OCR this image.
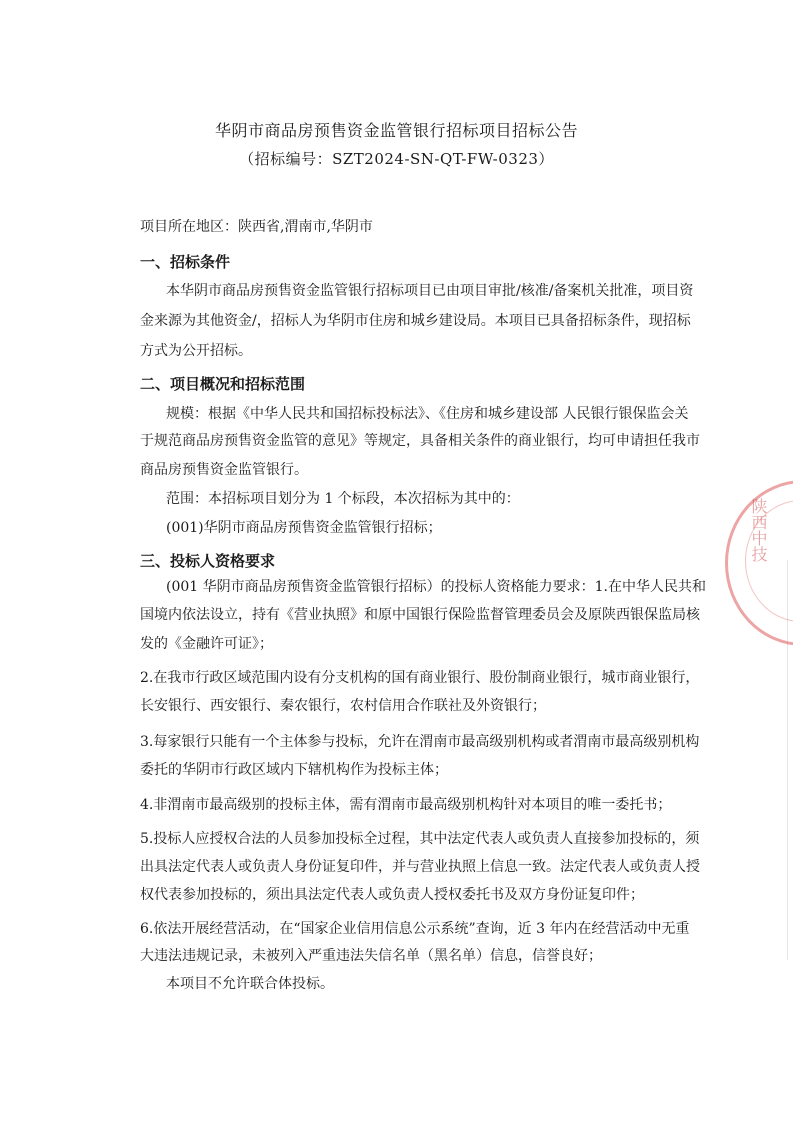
华阴市商品房预售资金监管银行招标项目招标公告
（招标编号：SZT2024-SN-QT-FW-0323）
项目所在地区：陕西省,渭南市,华阴市
一、招标条件
本华阴市商品房预售资金监管银行招标项目已由项目审批/核准/备案机关批准，项目资
金来源为其他资金/，招标人为华阴市住房和城乡建设局。本项目已具备招标条件，现招标
方式为公开招标。
二、项目概况和招标范围
规模：根据《中华人民共和国招标投标法》、《住房和城乡建设部 人民银行银保监会关
于规范商品房预售资金监管的意见》等规定，具备相关条件的商业银行，均可申请担任我市
商品房预售资金监管银行。
范围：本招标项目划分为 1 个标段，本次招标为其中的：
(001)华阴市商品房预售资金监管银行招标；
三、投标人资格要求
(001 华阴市商品房预售资金监管银行招标）的投标人资格能力要求：1.在中华人民共和
国境内依法设立，持有《营业执照》和原中国银行保险监督管理委员会及原陕西银保监局核
发的《金融许可证》；
2.在我市行政区域范围内设有分支机构的国有商业银行、股份制商业银行，城市商业银行，
长安银行、西安银行、秦农银行，农村信用合作联社及外资银行；
3.每家银行只能有一个主体参与投标，允许在渭南市最高级别机构或者渭南市最高级别机构
委托的华阴市行政区域内下辖机构作为投标主体；
4.非渭南市最高级别的投标主体，需有渭南市最高级别机构针对本项目的唯一委托书；
5.投标人应授权合法的人员参加投标全过程，其中法定代表人或负责人直接参加投标的，须
出具法定代表人或负责人身份证复印件，并与营业执照上信息一致。法定代表人或负责人授
权代表参加投标的，须出具法定代表人或负责人授权委托书及双方身份证复印件；
6.依法开展经营活动，在“国家企业信用信息公示系统”查询，近 3 年内在经营活动中无重
大违法违规记录，未被列入严重违法失信名单（黑名单）信息，信誉良好；
本项目不允许联合体投标。
陕西中技
